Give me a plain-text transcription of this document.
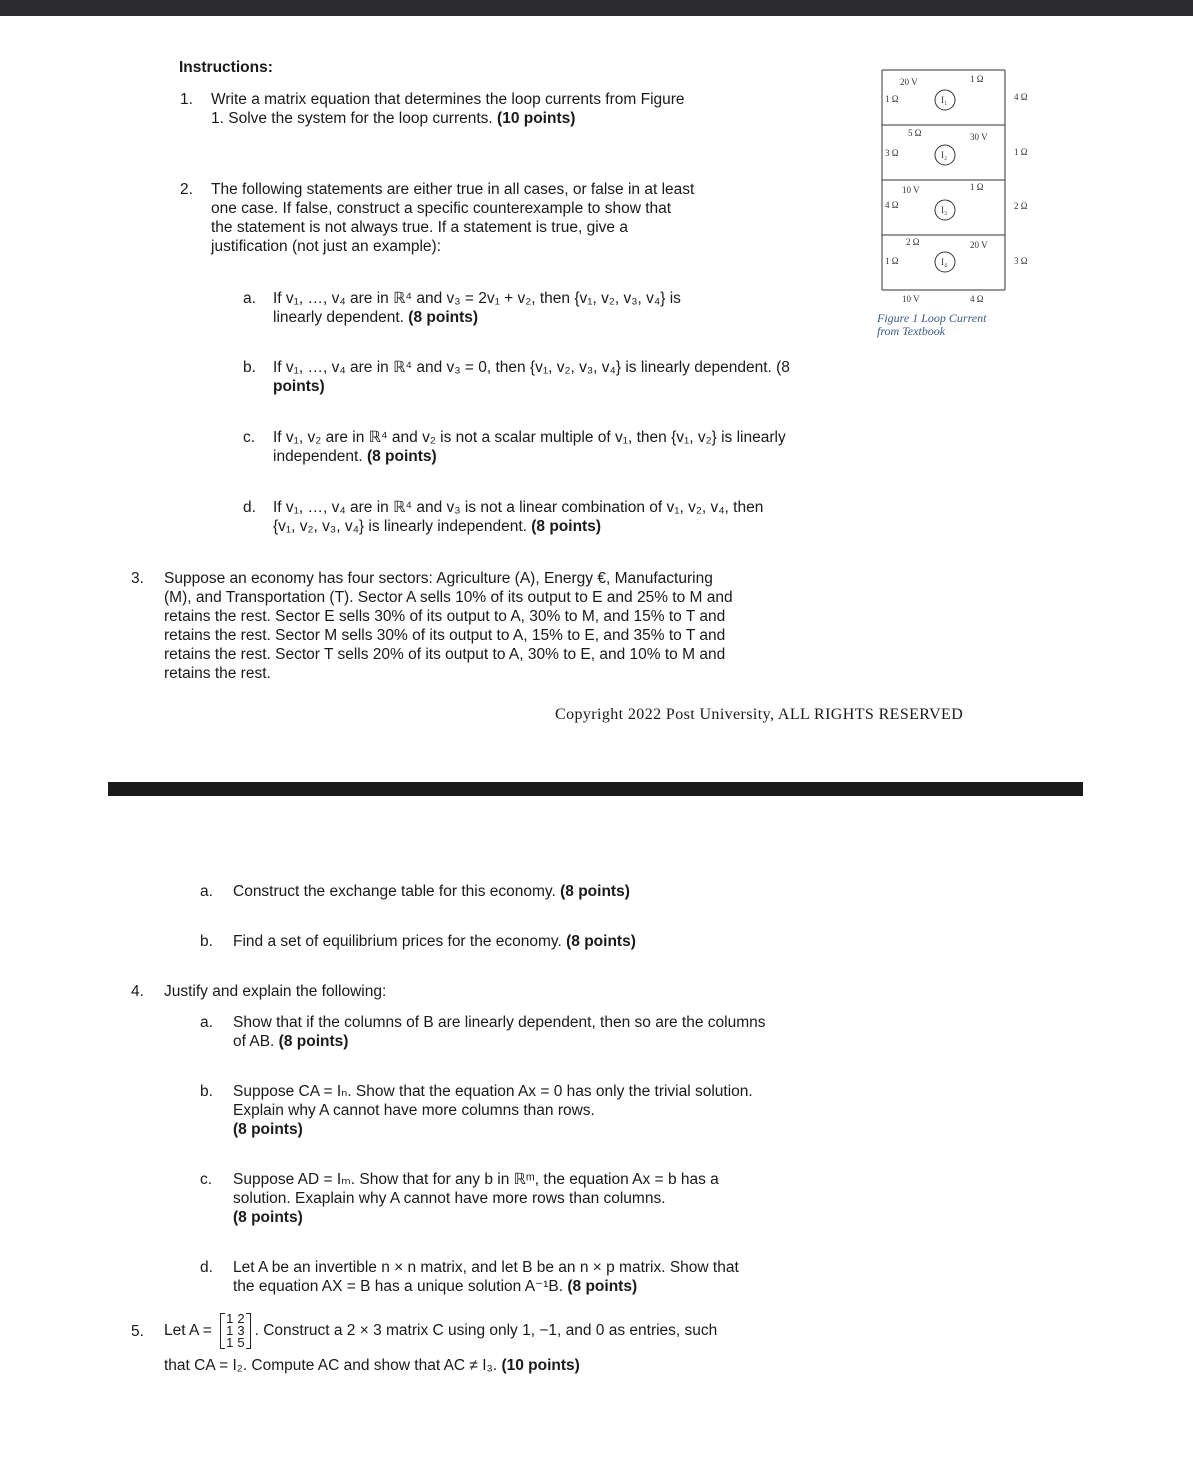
Instructions:
1. Write a matrix equation that determines the loop currents from Figure
1. Solve the system for the loop currents. (10 points)
20 V	1 Ω
1 Ω	4 Ω
5 Ω	30 V
3 Ω	1 Ω
10 V	1 Ω
4 Ω	2 Ω
2 Ω	20 V
1 Ω	3 Ω
10 V	4 Ω
I₁
I₂
I₃
I₄
Figure 1 Loop Current
from Textbook
2. The following statements are either true in all cases, or false in at least
one case. If false, construct a specific counterexample to show that
the statement is not always true. If a statement is true, give a
justification (not just an example):
a. If v₁, …, v₄ are in ℝ⁴ and v₃ = 2v₁ + v₂, then {v₁, v₂, v₃, v₄} is
linearly dependent. (8 points)
b. If v₁, …, v₄ are in ℝ⁴ and v₃ = 0, then {v₁, v₂, v₃, v₄} is linearly dependent. (8
points)
c. If v₁, v₂ are in ℝ⁴ and v₂ is not a scalar multiple of v₁, then {v₁, v₂} is linearly
independent. (8 points)
d. If v₁, …, v₄ are in ℝ⁴ and v₃ is not a linear combination of v₁, v₂, v₄, then
{v₁, v₂, v₃, v₄} is linearly independent. (8 points)
3. Suppose an economy has four sectors: Agriculture (A), Energy €, Manufacturing
(M), and Transportation (T). Sector A sells 10% of its output to E and 25% to M and
retains the rest. Sector E sells 30% of its output to A, 30% to M, and 15% to T and
retains the rest. Sector M sells 30% of its output to A, 15% to E, and 35% to T and
retains the rest. Sector T sells 20% of its output to A, 30% to E, and 10% to M and
retains the rest.
Copyright 2022 Post University, ALL RIGHTS RESERVED
a. Construct the exchange table for this economy. (8 points)
b. Find a set of equilibrium prices for the economy. (8 points)
4. Justify and explain the following:
a. Show that if the columns of B are linearly dependent, then so are the columns
of AB. (8 points)
b. Suppose CA = Iₙ. Show that the equation Ax = 0 has only the trivial solution.
Explain why A cannot have more columns than rows.
(8 points)
c. Suppose AD = Iₘ. Show that for any b in ℝᵐ, the equation Ax = b has a
solution. Exaplain why A cannot have more rows than columns.
(8 points)
d. Let A be an invertible n × n matrix, and let B be an n × p matrix. Show that
the equation AX = B has a unique solution A⁻¹B. (8 points)
5. Let A =
1	2
1	3
1	5
. Construct a 2 × 3 matrix C using only 1, −1, and 0 as entries, such
that CA = I₂. Compute AC and show that AC ≠ I₃. (10 points)
